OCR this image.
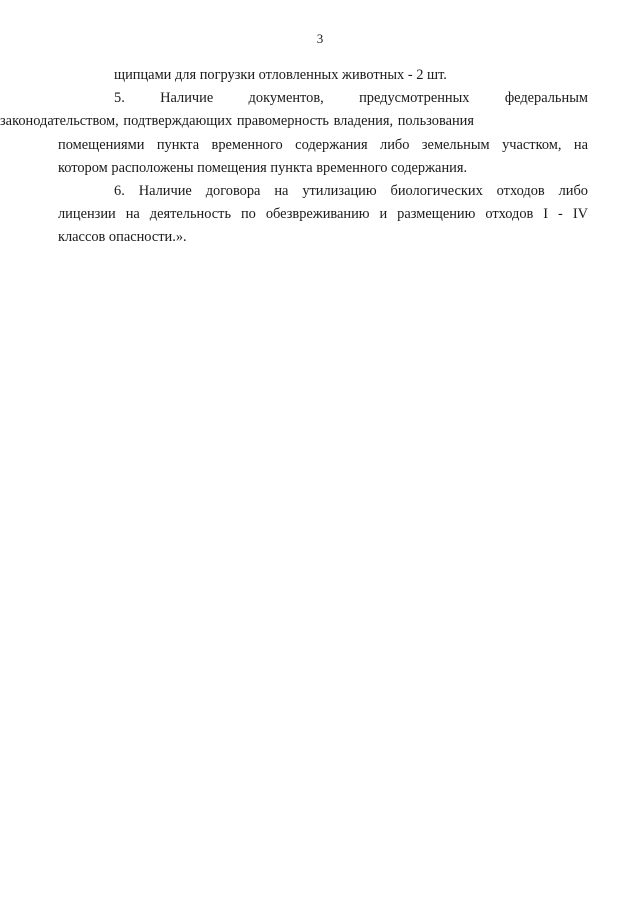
3
щипцами для погрузки отловленных животных - 2 шт.
5. Наличие документов, предусмотренных федеральным
законодательством, подтверждающих правомерность владения, пользования
помещениями пункта временного содержания либо земельным участком, на
котором расположены помещения пункта временного содержания.
6. Наличие договора на утилизацию биологических отходов либо
лицензии на деятельность по обезвреживанию и размещению отходов I - IV
классов опасности.».
